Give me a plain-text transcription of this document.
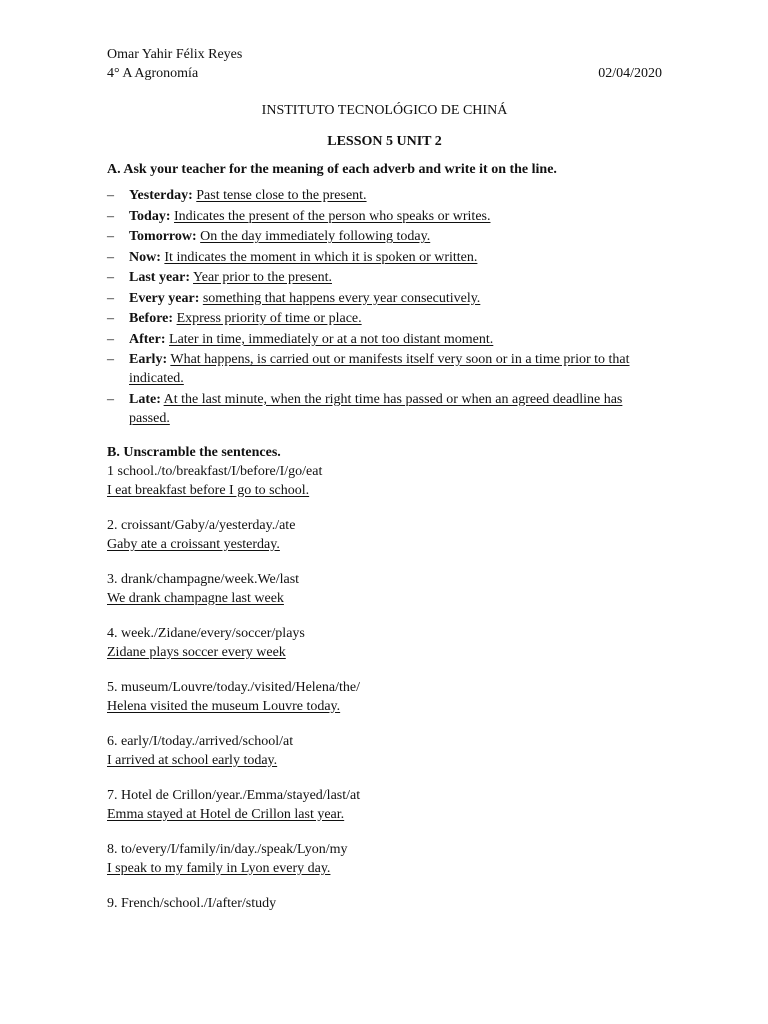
Omar Yahir Félix Reyes
4° A Agronomía	02/04/2020
INSTITUTO TECNOLÓGICO DE CHINÁ
LESSON 5 UNIT 2
A. Ask your teacher for the meaning of each adverb and write it on the line.
–	Yesterday: Past tense close to the present.
–	Today: Indicates the present of the person who speaks or writes.
–	Tomorrow: On the day immediately following today.
–	Now: It indicates the moment in which it is spoken or written.
–	Last year: Year prior to the present.
–	Every year: something that happens every year consecutively.
–	Before: Express priority of time or place.
–	After: Later in time, immediately or at a not too distant moment.
–	Early: What happens, is carried out or manifests itself very soon or in a time prior to that indicated.
–	Late: At the last minute, when the right time has passed or when an agreed deadline has passed.
B. Unscramble the sentences.
1 school./to/breakfast/I/before/I/go/eat
I eat breakfast before I go to school.
2. croissant/Gaby/a/yesterday./ate
Gaby ate a croissant yesterday.
3. drank/champagne/week.We/last
We drank champagne last week
4. week./Zidane/every/soccer/plays
Zidane plays soccer every week
5. museum/Louvre/today./visited/Helena/the/
Helena visited the museum Louvre today.
6. early/I/today./arrived/school/at
I arrived at school early today.
7. Hotel de Crillon/year./Emma/stayed/last/at
Emma stayed at Hotel de Crillon last year.
8. to/every/I/family/in/day./speak/Lyon/my
I speak to my family in Lyon every day.
9. French/school./I/after/study
